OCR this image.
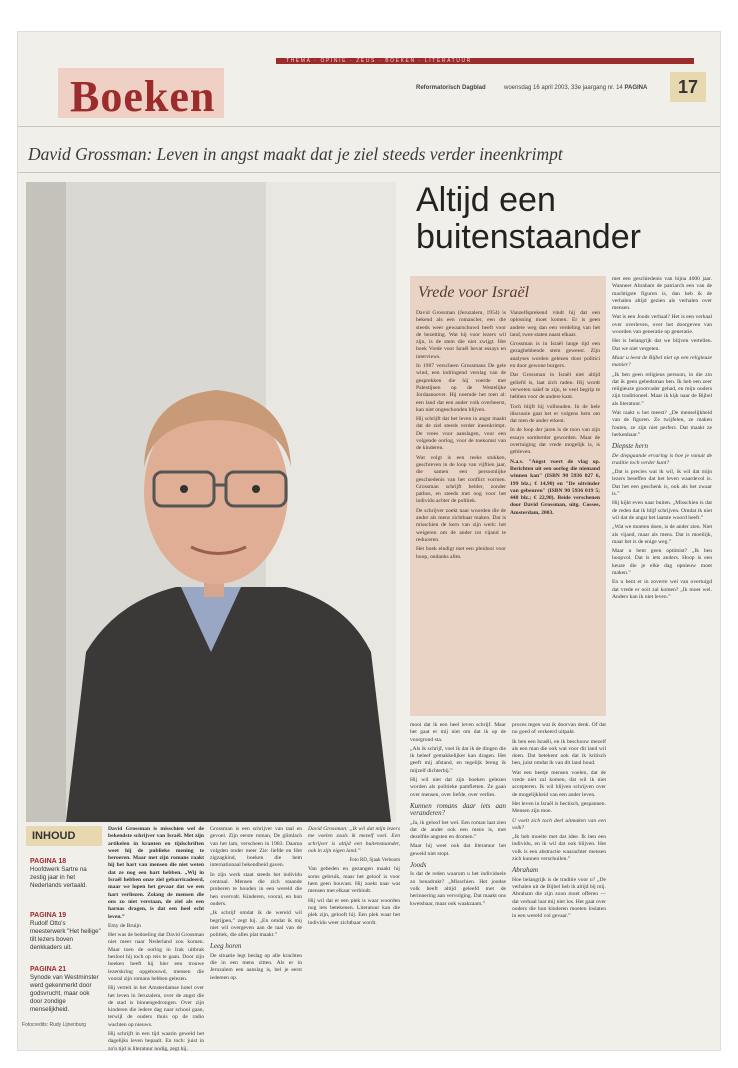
THEMA · OPINIE · ZEUS · BOEKEN · LITERATUUR
Boeken	Reformatorisch Dagblad	woensdag 16 april 2003, 33e jaargang nr. 14 PAGINA	17
David Grossman: Leven in angst maakt dat je ziel steeds verder ineenkrimpt
Altijd een buitenstaander
Vrede voor Israël

David Grossman (Jeruzalem, 1954) is bekend als een romancier, een die steeds weer gewaarschuwd heeft voor de bezetting. Wat hij voor lezers wil zijn, is de stem die niet zwijgt. Het boek Vrede voor Israël bevat essays en interviews.

In 1987 verscheen Grossmans De gele wind, een indringend verslag van de gesprekken die hij voerde met Palestijnen op de Westelijke Jordaanoever. Hij noemde het toen al: een land dat een ander volk overheerst, kan niet ongeschonden blijven.

Hij schrijft dat het leven in angst maakt dat de ziel steeds verder ineenkrimpt. De vrees voor aanslagen, voor een volgende oorlog, voor de toekomst van de kinderen.

Wat volgt is een reeks stukken, geschreven in de loop van vijftien jaar, die samen een persoonlijke geschiedenis van het conflict vormen. Grossman schrijft helder, zonder pathos, en steeds met oog voor het individu achter de politiek.

De schrijver zoekt naar woorden die de ander als mens zichtbaar maken. Dat is misschien de kern van zijn werk: het weigeren om de ander tot vijand te reduceren.

Het boek eindigt met een pleidooi voor hoop, ondanks alles.

Vanzelfsprekend vindt hij dat een oplossing moet komen. Er is geen andere weg dan een verdeling van het land, twee staten naast elkaar.

Grossman is in Israël lange tijd een gezaghebbende stem geweest. Zijn analyses worden gelezen door politici en door gewone burgers.

Dat Grossman in Israël niet altijd geliefd is, laat zich raden. Hij wordt verweten naïef te zijn, te veel begrip te hebben voor de andere kant.

Toch blijft hij volhouden. In de hele discussie gaat het er volgens hem om dat men de ander erkent.

In de loop der jaren is de toon van zijn essays somberder geworden. Maar de overtuiging dat vrede mogelijk is, is gebleven.

N.a.v. "Angst voert de vlag op. Berichten uit een oorlog die niemand winnen kan" (ISBN 90 5936 027 6, 199 blz.; € 14,90) en "De uitvinder van gebeuren" (ISBN 90 5936 019 5; 448 blz.; € 22,90). Beide verschenen door David Grossman, uitg. Cossee, Amsterdam, 2003.

met een geschiedenis van bijna 4000 jaar. Wanneer Abraham de patriarch een van de machtigste figuren is, dan heb ik de verhalen altijd gezien als verhalen over mensen.

Wat is een Joods verhaal? Het is een verhaal over overleven, over het doorgeven van woorden van generatie op generatie.

Het is belangrijk dat we blijven vertellen. Dat we niet vergeten.

Maar u leest de Bijbel niet op een religieuze manier?

„Ik ben geen religieus persoon, in die zin dat ik geen gebedsman ben. Ik heb een zeer religieuze grootvader gehad, en mijn ouders zijn traditioneel. Maar ik kijk naar de Bijbel als literatuur.”

Wat raakt u het meest? „De menselijkheid van de figuren. Ze twijfelen, ze maken fouten, ze zijn niet perfect. Dat maakt ze herkenbaar.”

Diepste hern

De diepgaande ervaring is hoe je vanuit de traditie toch verder kunt?

„Dat is precies wat ik wil, ik wil dat mijn lezers beseffen dat het leven waardevol is. Dat het een geschenk is, ook als het zwaar is.”

Hij kijkt even naar buiten. „Misschien is dat de reden dat ik blijf schrijven. Omdat ik niet wil dat de angst het laatste woord heeft.”

„Wat we moeten doen, is de ander zien. Niet als vijand, maar als mens. Dat is moeilijk, maar het is de enige weg.”

Maar u bent geen optimist? „Ik ben hoopvol. Dat is iets anders. Hoop is een keuze die je elke dag opnieuw moet maken.”

En u bent er in zoverre wel van overtuigd dat vrede er ooit zal komen? „Ik moet wel. Anders kan ik niet leven.”

mooi dat ik een heel leven schrijf. Maar het gaat er mij niet om dat ik op de voorgrond sta.

„Als ik schrijf, voel ik dat ik de dingen die ik beleef gemakkelijker kan dragen. Het geeft mij afstand, en tegelijk breng ik mijzelf dichterbij.”

Hij wil niet dat zijn boeken gelezen worden als politieke pamfletten. Ze gaan over mensen, over liefde, over verlies.

Kunnen romans daar iets aan veranderen?

„Ja, ik geloof het wel. Een roman laat zien dat de ander ook een mens is, met dezelfde angsten en dromen.”

Maar hij weet ook dat literatuur het geweld niet stopt.

Joods

Is dat de reden waarom u het individuele zo benadrukt? „Misschien. Het joodse volk heeft altijd geleefd met de herinnering aan vervolging. Dat maakt ons kwetsbaar, maar ook waakzaam.”

proces tegen wat ik doorvan denk. Of dat nu goed of verkeerd uitpakt.

Ik ben een Israëli, en ik beschouw mezelf als een man die ook wat voor dit land wil doen. Dat betekent ook dat ik kritisch ben, juist omdat ik van dit land houd.

Wat een beetje mensen voelen, dat de vrede niet zal komen, dat wil ik niet accepteren. Ik wil blijven schrijven over de mogelijkheid van een ander leven.

Het leven in Israël is hectisch, gespannen. Mensen zijn moe.

U voelt zich toch deel uitmaken van een volk?

„Ik heb moeite met dat idee. Ik ben een individu, en ik wil dat ook blijven. Het volk is een abstractie waarachter mensen zich kunnen verschuilen.”

Abraham

Hoe belangrijk is de traditie voor u? „De verhalen uit de Bijbel heb ik altijd bij mij. Abraham die zijn zoon moet offeren — dat verhaal laat mij niet los. Het gaat over ouders die hun kinderen moeten loslaten in een wereld vol gevaar.”

INHOUD
PAGINA 18
Hoofdwerk Sartre na zestig jaar in het Nederlands vertaald.
PAGINA 19
Rudolf Otto's meesterwerk "Het heilige" tilt lezers boven denkkaders uit.
PAGINA 21
Synode van Westminster werd gekenmerkt door godsvrucht, maar ook door zondige menselijkheid.
Fotocredits: Rudy Lijnenburg

David Grossman is misschien wel de bekendste schrijver van Israël. Met zijn artikelen in kranten en tijdschriften weet hij de publieke mening te beroeren. Maar met zijn romans raakt hij het hart van mensen die niet weten dat ze nog een hart hebben. „Wij in Israël hebben onze ziel gebarricadeerd, maar we lopen het gevaar dat we een hart verliezen. Zolang de mensen die ons zo niet verstaan, de ziel als een harnas dragen, is dat een heel echt leven.”

Emy de Bruijn

Het was de bedoeling dat David Grossman niet meer naar Nederland zou komen. Maar toen de oorlog in Irak uitbrak besloot hij toch op reis te gaan. Door zijn boeken heeft hij hier een trouwe lezerskring opgebouwd, mensen die vooral zijn romans hebben gelezen.

Hij vertelt in het Amsterdamse hotel over het leven in Jeruzalem, over de angst die de stad is binnengedrongen. Over zijn kinderen die iedere dag naar school gaan, terwijl de ouders thuis op de radio wachten op nieuws.

Hij schrijft in een tijd waarin geweld het dagelijks leven bepaalt. En toch: juist in zo'n tijd is literatuur nodig, zegt hij.

Grossman is een schrijver van taal en gevoel. Zijn eerste roman, De glimlach van het lam, verscheen in 1983. Daarna volgden onder meer Zie: liefde en Het zigzagkind, boeken die hem internationaal bekendheid gaven.

In zijn werk staat steeds het individu centraal. Mensen die zich staande proberen te houden in een wereld die hen overvalt. Kinderen, vooral, en hun ouders.

„Ik schrijf omdat ik de wereld wil begrijpen,” zegt hij. „En omdat ik mij niet wil overgeven aan de taal van de politiek, die alles plat maakt.”

Leeg horen

De situatie legt beslag op alle krachten die in een mens zitten. Als er in Jeruzalem een aanslag is, bel je eerst iedereen op.

David Grossman: „Ik wil dat mijn lezers me voelen zoals ik mezelf voel. Een schrijver is altijd een buitenstaander, ook in zijn eigen land.”

Foto RD, Sjaak Verboom

Van gebeden en gezangen maakt hij soms gebruik, maar het geloof is voor hem geen houvast. Hij zoekt naar wat mensen met elkaar verbindt.

Hij wil dat er een plek is waar woorden nog iets betekenen. Literatuur kan die plek zijn, gelooft hij. Een plek waar het individu weer zichtbaar wordt.
